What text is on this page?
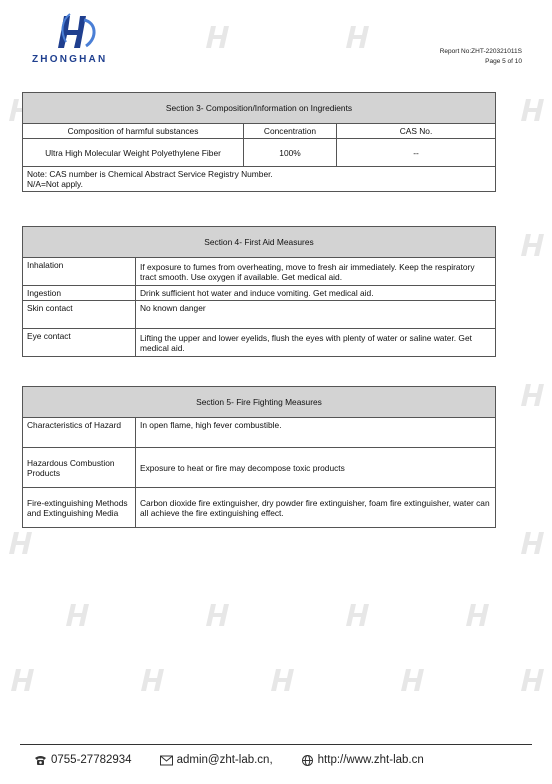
ZHONGHAN
Report No:ZHT-220321011S
Page 5 of 10
Section 3- Composition/Information on Ingredients		
Composition of harmful substances	Concentration	CAS No.
Ultra High Molecular Weight Polyethylene Fiber	100%	--

Note: CAS number is Chemical Abstract Service Registry Number.
N/A=Not apply.		
Section 4- First Aid Measures	
Inhalation	If exposure to fumes from overheating, move to fresh air immediately. Keep the respiratory tract smooth. Use oxygen if available. Get medical aid.
Ingestion	Drink sufficient hot water and induce vomiting. Get medical aid.
Skin contact	No known danger
Eye contact	Lifting the upper and lower eyelids, flush the eyes with plenty of water or saline water. Get medical aid.
Section 5- Fire Fighting Measures	
Characteristics of Hazard	In open flame, high fever combustible.
Hazardous Combustion Products	Exposure to heat or fire may decompose toxic products
Fire-extinguishing Methods and Extinguishing Media	Carbon dioxide fire extinguisher, dry powder fire extinguisher, foam fire extinguisher, water can all achieve the fire extinguishing effect.
0755-27782934	admin@zht-lab.cn,	http://www.zht-lab.cn
